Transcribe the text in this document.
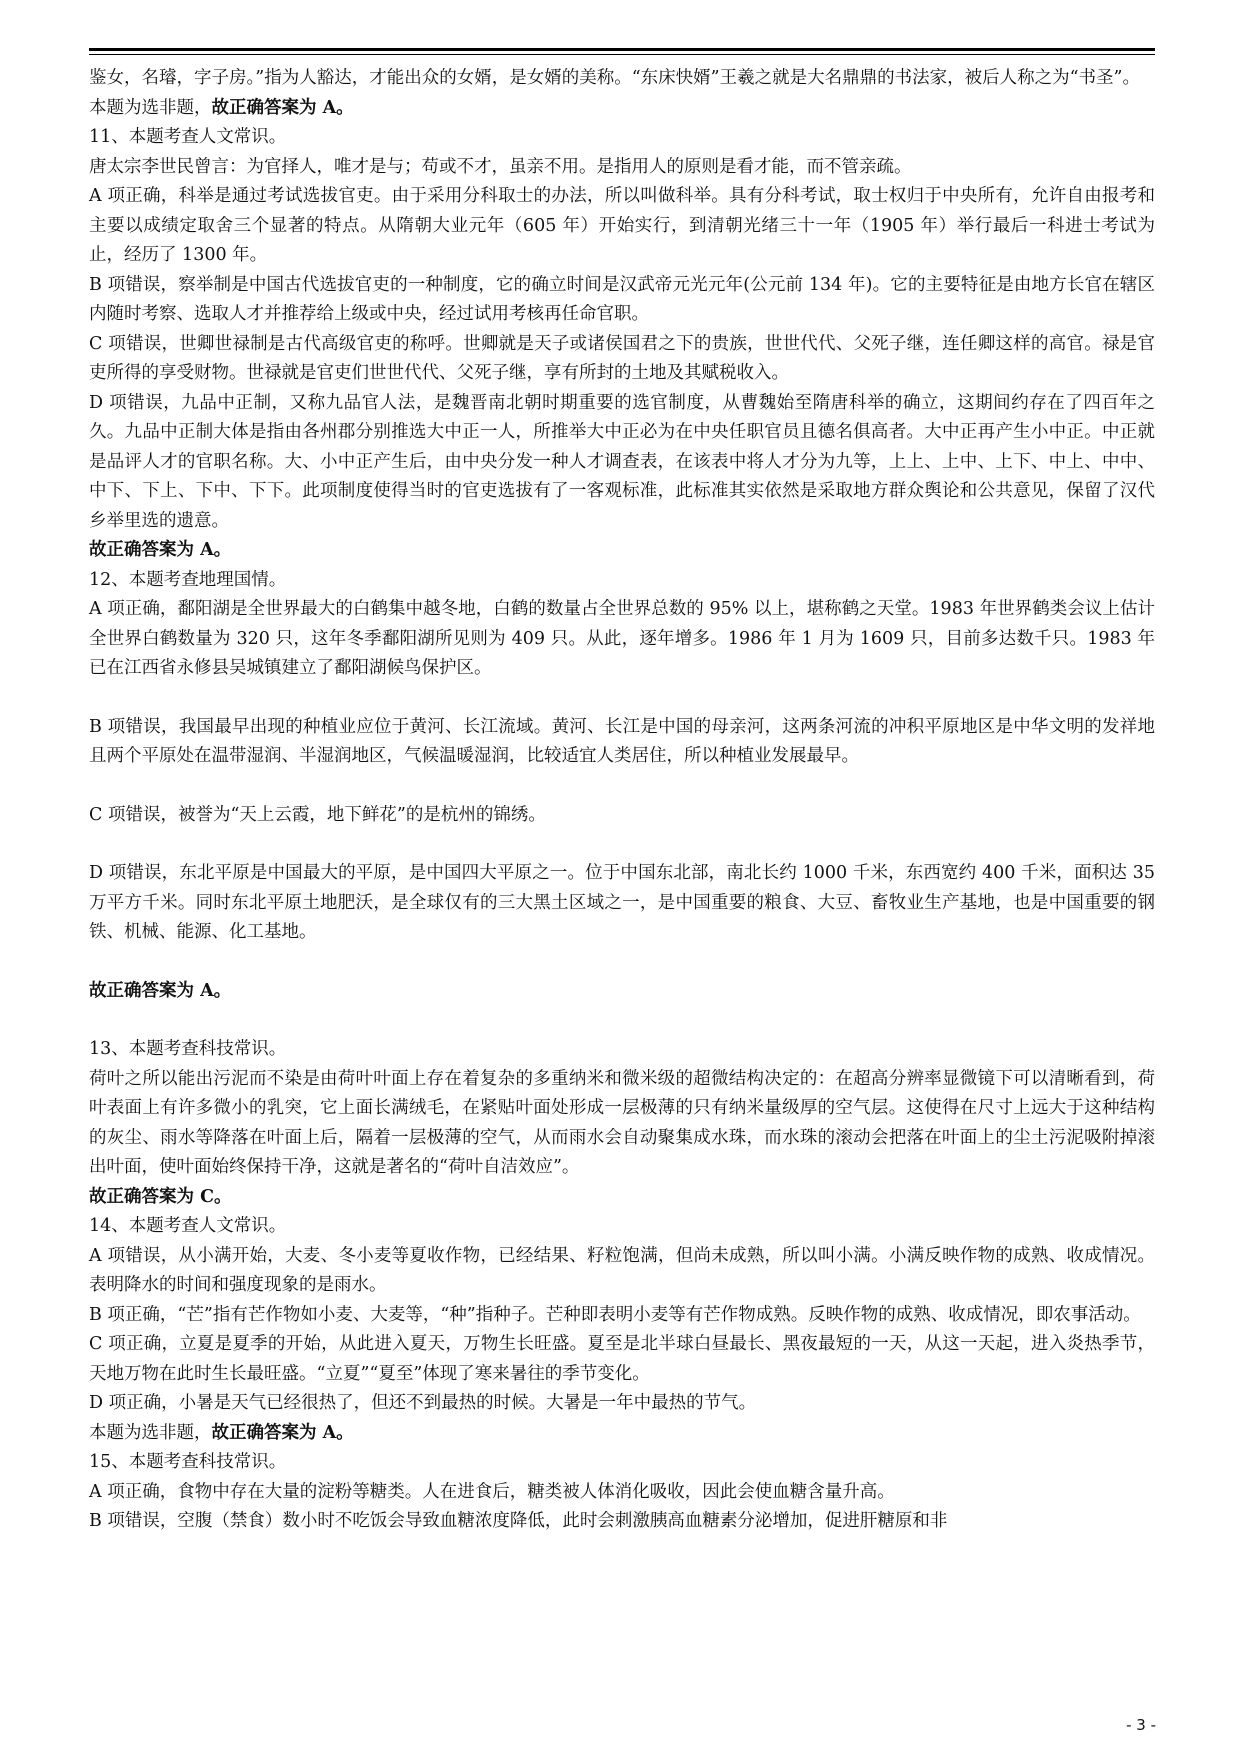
鉴女，名璿，字子房。”指为人豁达，才能出众的女婿，是女婿的美称。“东床快婿”王羲之就是大名鼎鼎的书法家，被后人称之为“书圣”。

本题为选非题，故正确答案为 A。

11、本题考查人文常识。

唐太宗李世民曾言：为官择人，唯才是与；苟或不才，虽亲不用。是指用人的原则是看才能，而不管亲疏。

A 项正确，科举是通过考试选拔官吏。由于采用分科取士的办法，所以叫做科举。具有分科考试，取士权归于中央所有，允许自由报考和主要以成绩定取舍三个显著的特点。从隋朝大业元年（605 年）开始实行，到清朝光绪三十一年（1905 年）举行最后一科进士考试为止，经历了 1300 年。

B 项错误，察举制是中国古代选拔官吏的一种制度，它的确立时间是汉武帝元光元年(公元前 134 年)。它的主要特征是由地方长官在辖区内随时考察、选取人才并推荐给上级或中央，经过试用考核再任命官职。

C 项错误，世卿世禄制是古代高级官吏的称呼。世卿就是天子或诸侯国君之下的贵族，世世代代、父死子继，连任卿这样的高官。禄是官吏所得的享受财物。世禄就是官吏们世世代代、父死子继，享有所封的土地及其赋税收入。

D 项错误，九品中正制，又称九品官人法，是魏晋南北朝时期重要的选官制度，从曹魏始至隋唐科举的确立，这期间约存在了四百年之久。九品中正制大体是指由各州郡分别推选大中正一人，所推举大中正必为在中央任职官员且德名俱高者。大中正再产生小中正。中正就是品评人才的官职名称。大、小中正产生后，由中央分发一种人才调查表，在该表中将人才分为九等，上上、上中、上下、中上、中中、中下、下上、下中、下下。此项制度使得当时的官吏选拔有了一客观标准，此标准其实依然是采取地方群众舆论和公共意见，保留了汉代乡举里选的遗意。

故正确答案为 A。

12、本题考查地理国情。

A 项正确，鄱阳湖是全世界最大的白鹤集中越冬地，白鹤的数量占全世界总数的 95% 以上，堪称鹤之天堂。1983 年世界鹤类会议上估计全世界白鹤数量为 320 只，这年冬季鄱阳湖所见则为 409 只。从此，逐年增多。1986 年 1 月为 1609 只，目前多达数千只。1983 年已在江西省永修县吴城镇建立了鄱阳湖候鸟保护区。

B 项错误，我国最早出现的种植业应位于黄河、长江流域。黄河、长江是中国的母亲河，这两条河流的冲积平原地区是中华文明的发祥地且两个平原处在温带湿润、半湿润地区，气候温暖湿润，比较适宜人类居住，所以种植业发展最早。

C 项错误，被誉为“天上云霞，地下鲜花”的是杭州的锦绣。

D 项错误，东北平原是中国最大的平原，是中国四大平原之一。位于中国东北部，南北长约 1000 千米，东西宽约 400 千米，面积达 35 万平方千米。同时东北平原土地肥沃，是全球仅有的三大黑土区域之一，是中国重要的粮食、大豆、畜牧业生产基地，也是中国重要的钢铁、机械、能源、化工基地。

故正确答案为 A。

13、本题考查科技常识。

荷叶之所以能出污泥而不染是由荷叶叶面上存在着复杂的多重纳米和微米级的超微结构决定的：在超高分辨率显微镜下可以清晰看到，荷叶表面上有许多微小的乳突，它上面长满绒毛，在紧贴叶面处形成一层极薄的只有纳米量级厚的空气层。这使得在尺寸上远大于这种结构的灰尘、雨水等降落在叶面上后，隔着一层极薄的空气，从而雨水会自动聚集成水珠，而水珠的滚动会把落在叶面上的尘土污泥吸附掉滚出叶面，使叶面始终保持干净，这就是著名的“荷叶自洁效应”。

故正确答案为 C。

14、本题考查人文常识。

A 项错误，从小满开始，大麦、冬小麦等夏收作物，已经结果、籽粒饱满，但尚未成熟，所以叫小满。小满反映作物的成熟、收成情况。表明降水的时间和强度现象的是雨水。

B 项正确，“芒”指有芒作物如小麦、大麦等，“种”指种子。芒种即表明小麦等有芒作物成熟。反映作物的成熟、收成情况，即农事活动。

C 项正确，立夏是夏季的开始，从此进入夏天，万物生长旺盛。夏至是北半球白昼最长、黑夜最短的一天，从这一天起，进入炎热季节，天地万物在此时生长最旺盛。“立夏”“夏至”体现了寒来暑往的季节变化。

D 项正确，小暑是天气已经很热了，但还不到最热的时候。大暑是一年中最热的节气。

本题为选非题，故正确答案为 A。

15、本题考查科技常识。

A 项正确，食物中存在大量的淀粉等糖类。人在进食后，糖类被人体消化吸收，因此会使血糖含量升高。

B 项错误，空腹（禁食）数小时不吃饭会导致血糖浓度降低，此时会刺激胰高血糖素分泌增加，促进肝糖原和非

- 3 -
